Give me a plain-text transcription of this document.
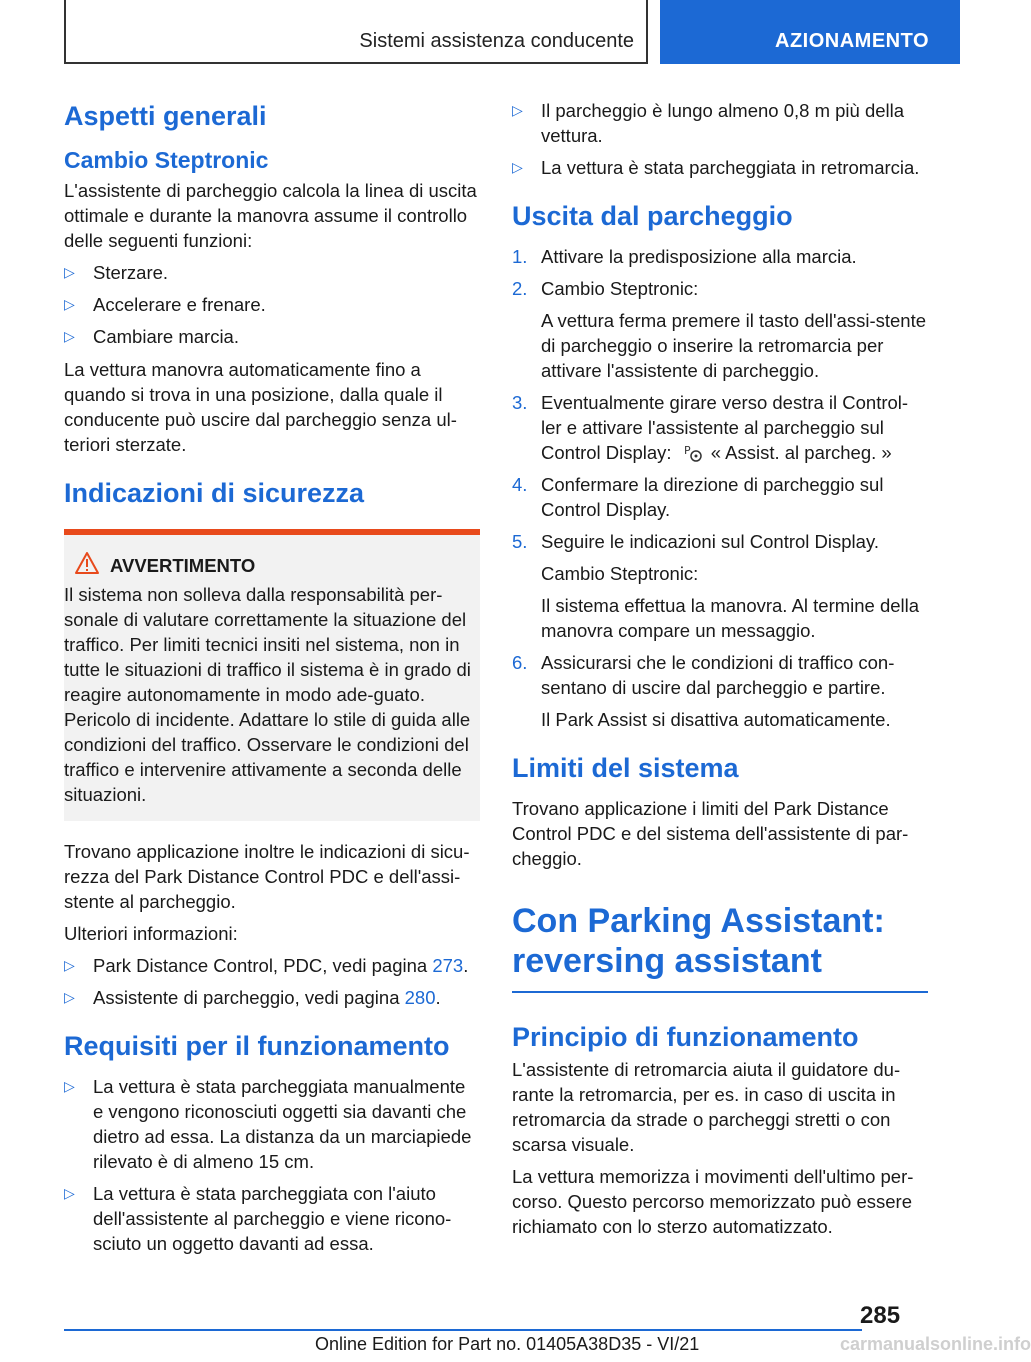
Sistemi assistenza conducente	AZIONAMENTO
Aspetti generali
Cambio Steptronic

L'assistente di parcheggio calcola la linea di uscita ottimale e durante la manovra assume il controllo delle seguenti funzioni:

▷ Sterzare.
▷ Accelerare e frenare.
▷ Cambiare marcia.

La vettura manovra automaticamente fino a quando si trova in una posizione, dalla quale il conducente può uscire dal parcheggio senza ul-teriori sterzate.

Indicazioni di sicurezza
AVVERTIMENTO

Il sistema non solleva dalla responsabilità per-sonale di valutare correttamente la situazione del traffico. Per limiti tecnici insiti nel sistema, non in tutte le situazioni di traffico il sistema è in grado di reagire autonomamente in modo ade-guato. Pericolo di incidente. Adattare lo stile di guida alle condizioni del traffico. Osservare le condizioni del traffico e intervenire attivamente a seconda delle situazioni.

Trovano applicazione inoltre le indicazioni di sicu-rezza del Park Distance Control PDC e dell'assi-stente al parcheggio.

Ulteriori informazioni:

▷ Park Distance Control, PDC, vedi pagina 273.
▷ Assistente di parcheggio, vedi pagina 280.
Requisiti per il funzionamento
▷ La vettura è stata parcheggiata manualmente e vengono riconosciuti oggetti sia davanti che dietro ad essa. La distanza da un marciapiede rilevato è di almeno 15 cm.
▷ La vettura è stata parcheggiata con l'aiuto dell'assistente al parcheggio e viene ricono-sciuto un oggetto davanti ad essa.
▷ Il parcheggio è lungo almeno 0,8 m più della vettura.
▷ La vettura è stata parcheggiata in retromarcia.
Uscita dal parcheggio
1. Attivare la predisposizione alla marcia.
2. Cambio Steptronic:

A vettura ferma premere il tasto dell'assi-stente di parcheggio o inserire la retromarcia per attivare l'assistente di parcheggio.

3. Eventualmente girare verso destra il Control-ler e attivare l'assistente al parcheggio sul Control Display: P « Assist. al parcheg. »
4. Confermare la direzione di parcheggio sul Control Display.
5. Seguire le indicazioni sul Control Display.

Cambio Steptronic:

Il sistema effettua la manovra. Al termine della manovra compare un messaggio.

6. Assicurarsi che le condizioni di traffico con-sentano di uscire dal parcheggio e partire.

Il Park Assist si disattiva automaticamente.

Limiti del sistema

Trovano applicazione i limiti del Park Distance Control PDC e del sistema dell'assistente di par-cheggio.

Con Parking Assistant: reversing assistant
Principio di funzionamento

L'assistente di retromarcia aiuta il guidatore du-rante la retromarcia, per es. in caso di uscita in retromarcia da strade o parcheggi stretti o con scarsa visuale.

La vettura memorizza i movimenti dell'ultimo per-corso. Questo percorso memorizzato può essere richiamato con lo sterzo automatizzato.

285
Online Edition for Part no. 01405A38D35 - VI/21	carmanualsonline.info
